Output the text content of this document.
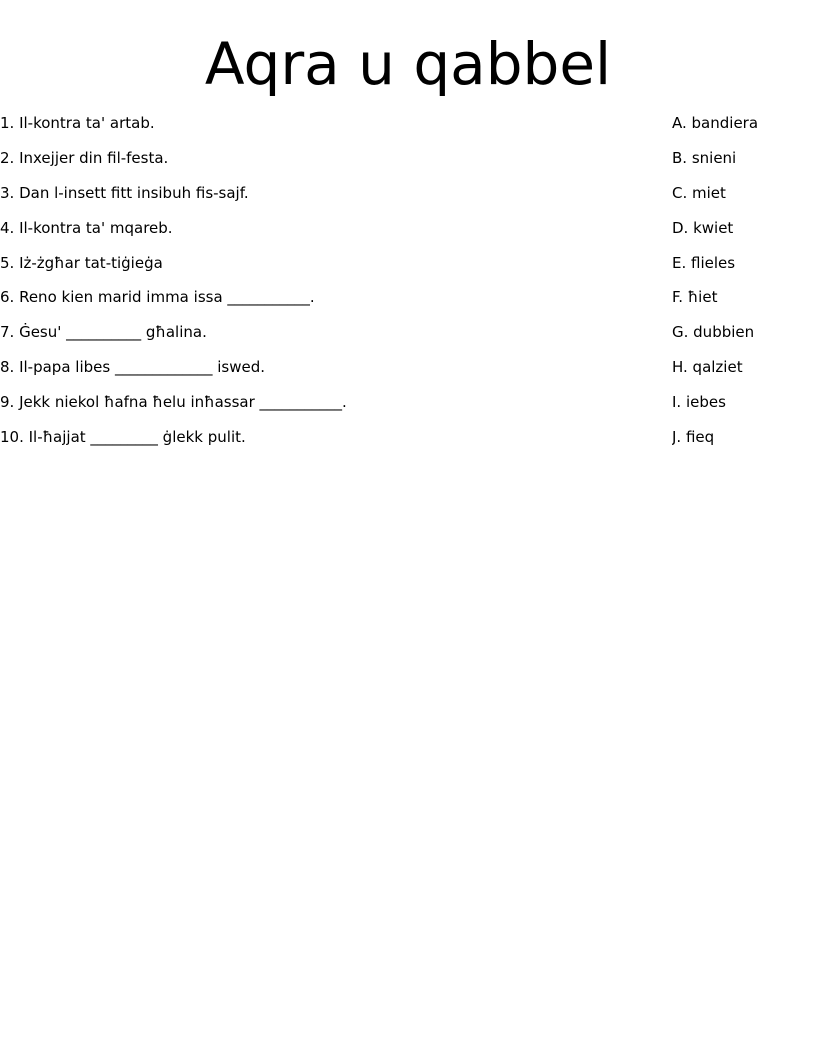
Aqra u qabbel
1. Il-kontra ta' artab.
2. Inxejjer din fil-festa.
3. Dan l-insett fitt insibuh fis-sajf.
4. Il-kontra ta' mqareb.
5. Iż-żgħar tat-tiġieġa
6. Reno kien marid imma issa ___________.
7. Ġesu' __________ għalina.
8. Il-papa libes _____________ iswed.
9. Jekk niekol ħafna ħelu inħassar ___________.
10. Il-ħajjat _________ ġlekk pulit.
A. bandiera
B. snieni
C. miet
D. kwiet
E. flieles
F. ħiet
G. dubbien
H. qalziet
I. iebes
J. fieq
